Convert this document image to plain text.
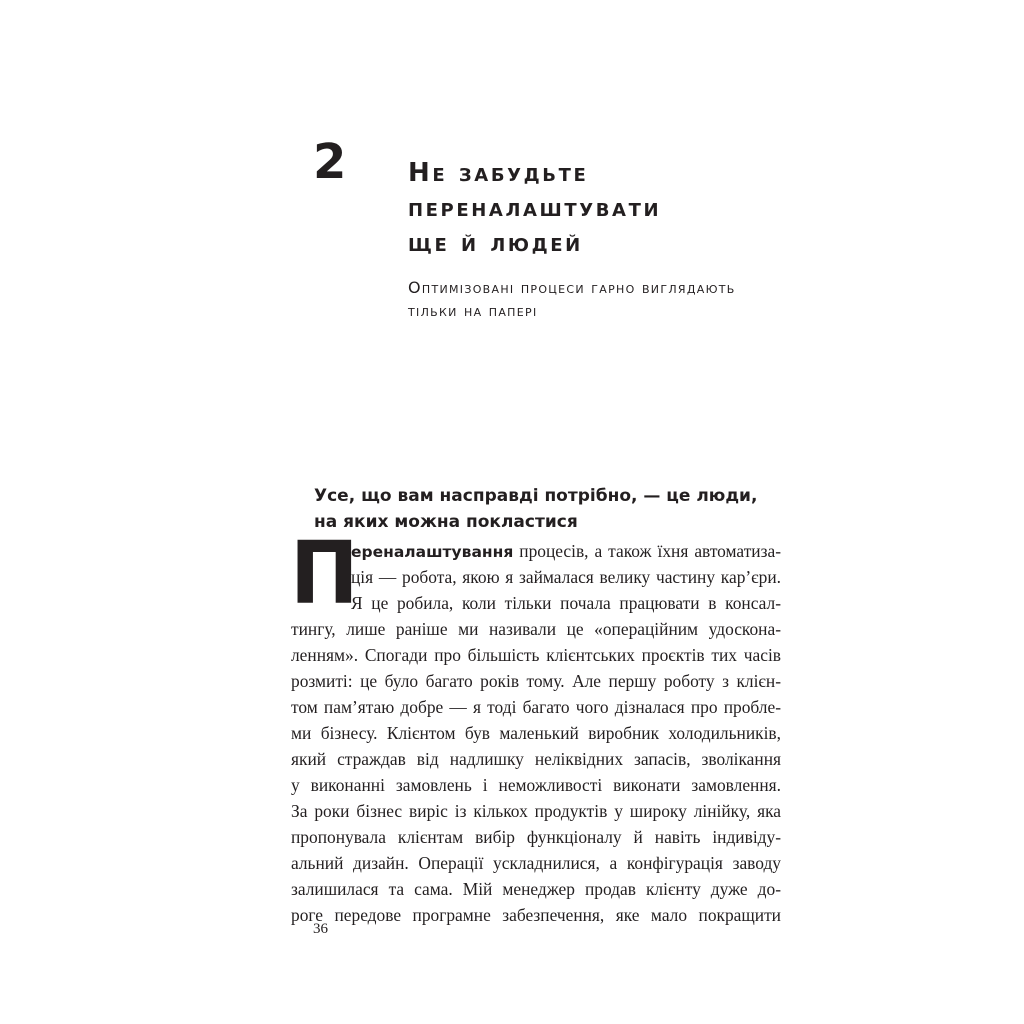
2 Не забудьте
переналаштувати
ще й людей

Оптимізовані процеси гарно виглядають
тільки на папері

Усе, що вам насправді потрібно, — це люди,
на яких можна покластися
П
ереналаштування процесів, а також їхня автоматиза-
ція — робота, якою я займалася велику частину кар’єри.
Я це робила, коли тільки почала працювати в консал-
тингу, лише раніше ми називали це «операційним удоскона-
ленням». Спогади про більшість клієнтських проєктів тих часів
розмиті: це було багато років тому. Але першу роботу з клієн-
том пам’ятаю добре — я тоді багато чого дізналася про пробле-
ми бізнесу. Клієнтом був маленький виробник холодильників,
який страждав від надлишку неліквідних запасів, зволікання
у виконанні замовлень і неможливості виконати замовлення.
За роки бізнес виріс із кількох продуктів у широку лінійку, яка
пропонувала клієнтам вибір функціоналу й навіть індивіду-
альний дизайн. Операції ускладнилися, а конфігурація заводу
залишилася та сама. Мій менеджер продав клієнту дуже до-
роге передове програмне забезпечення, яке мало покращити
36
